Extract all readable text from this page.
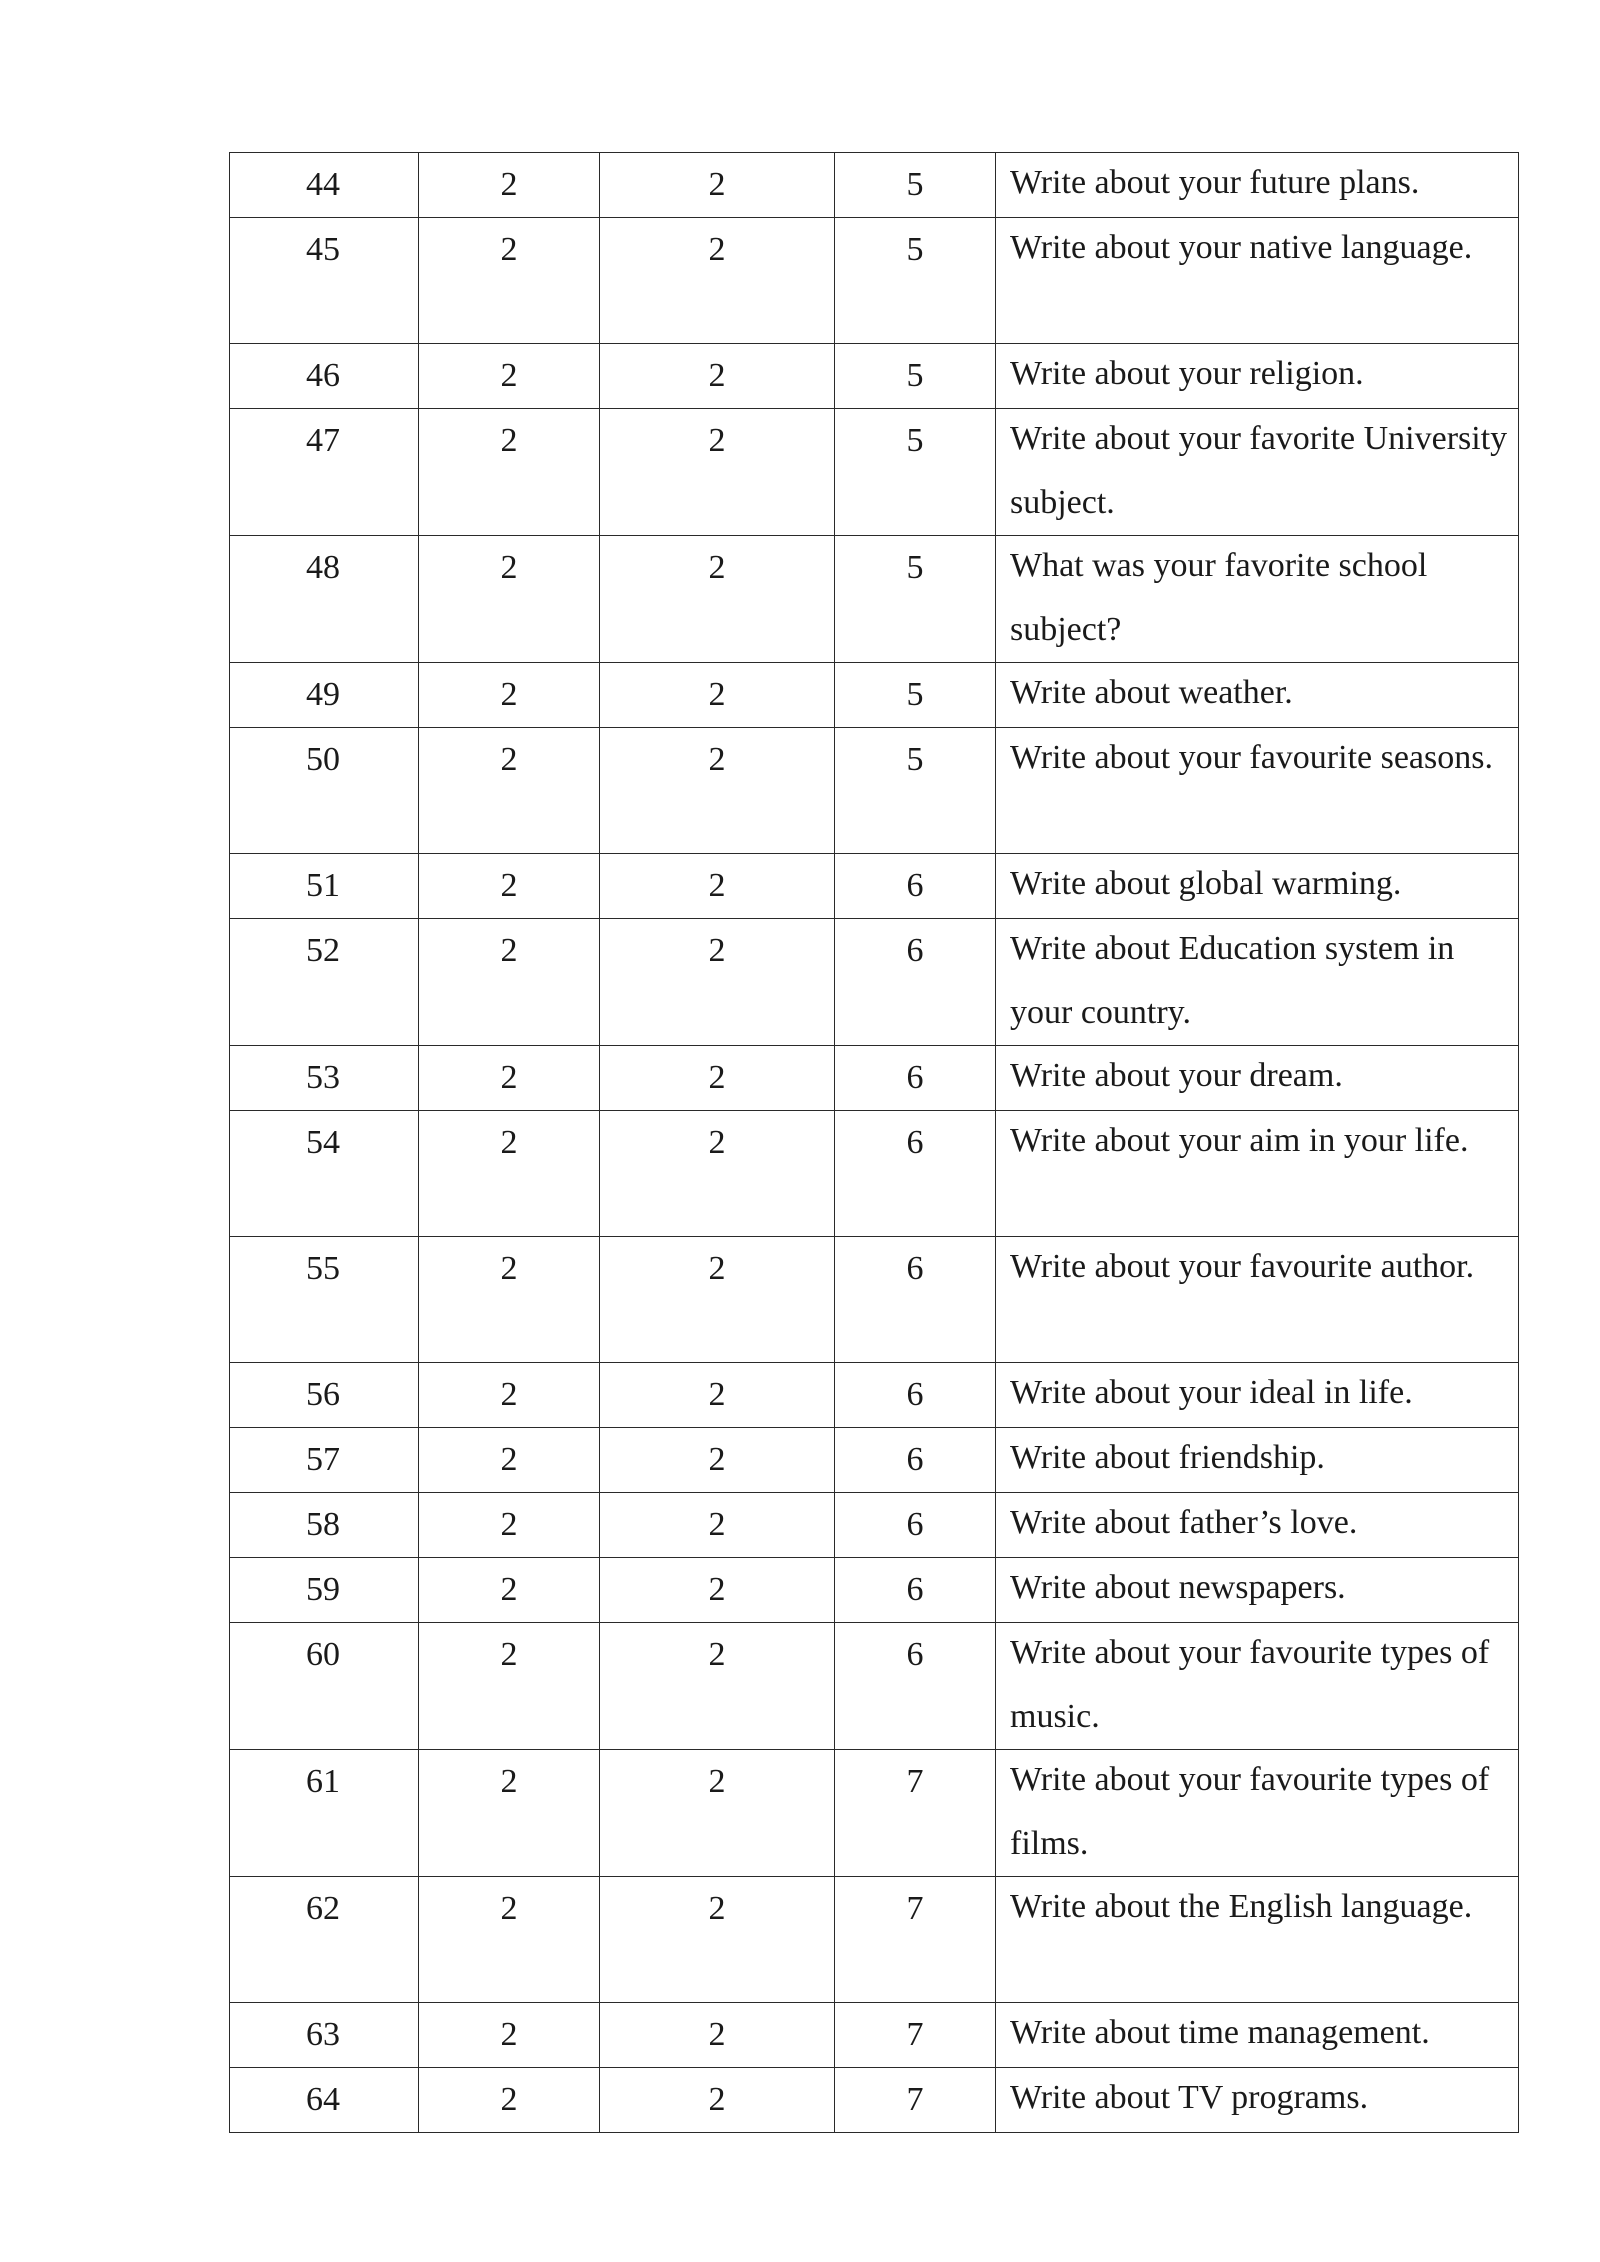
44	2	2	5	Write about your future plans.

45	2	2	5	Write about your native language.

46	2	2	5	Write about your religion.

47	2	2	5	Write about your favorite University subject.

48	2	2	5	What was your favorite school subject?

49	2	2	5	Write about weather.

50	2	2	5	Write about your favourite seasons.

51	2	2	6	Write about global warming.

52	2	2	6	Write about Education system in your country.

53	2	2	6	Write about your dream.

54	2	2	6	Write about your aim in your life.

55	2	2	6	Write about your favourite author.

56	2	2	6	Write about your ideal in life.

57	2	2	6	Write about friendship.

58	2	2	6	Write about father’s love.

59	2	2	6	Write about newspapers.

60	2	2	6	Write about your favourite types of music.

61	2	2	7	Write about your favourite types of films.

62	2	2	7	Write about the English language.

63	2	2	7	Write about time management.

64	2	2	7	Write about TV programs.
